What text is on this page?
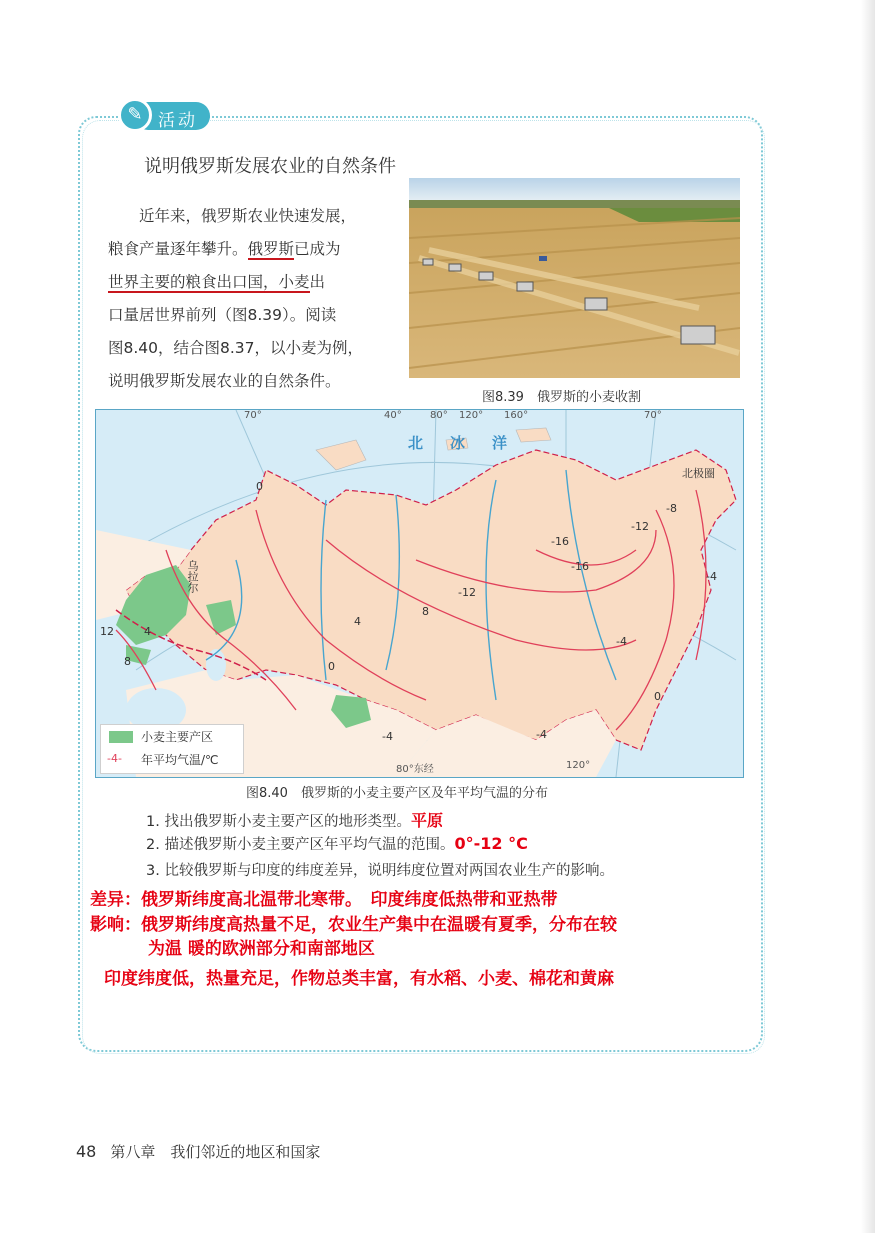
✎ 活动
说明俄罗斯发展农业的自然条件

近年来，俄罗斯农业快速发展，

粮食产量逐年攀升。俄罗斯已成为
世界主要的粮食出口国，小麦出
口量居世界前列（图8.39）。阅读
图8.40，结合图8.37，以小麦为例，
说明俄罗斯发展农业的自然条件。
图8.39　俄罗斯的小麦收割
北　冰　洋
70°	40°	80° 120° 160°	70°
80°东经	120°
0
4
8
-12
-16
-16
-12
-8
-4
0
4
8
12
-4
0
-4	-4
乌拉尔
北极圈
小麦主要产区
-4- 年平均气温/℃
图8.40　俄罗斯的小麦主要产区及年平均气温的分布
1. 找出俄罗斯小麦主要产区的地形类型。平原
2. 描述俄罗斯小麦主要产区年平均气温的范围。0°-12 °C
3. 比较俄罗斯与印度的纬度差异，说明纬度位置对两国农业生产的影响。
差异：俄罗斯纬度高北温带北寒带。　印度纬度低热带和亚热带
影响：俄罗斯纬度高热量不足，农业生产集中在温暖有夏季，分布在较
为温 暖的欧洲部分和南部地区
印度纬度低，热量充足，作物总类丰富，有水稻、小麦、棉花和黄麻
48 第八章　我们邻近的地区和国家
